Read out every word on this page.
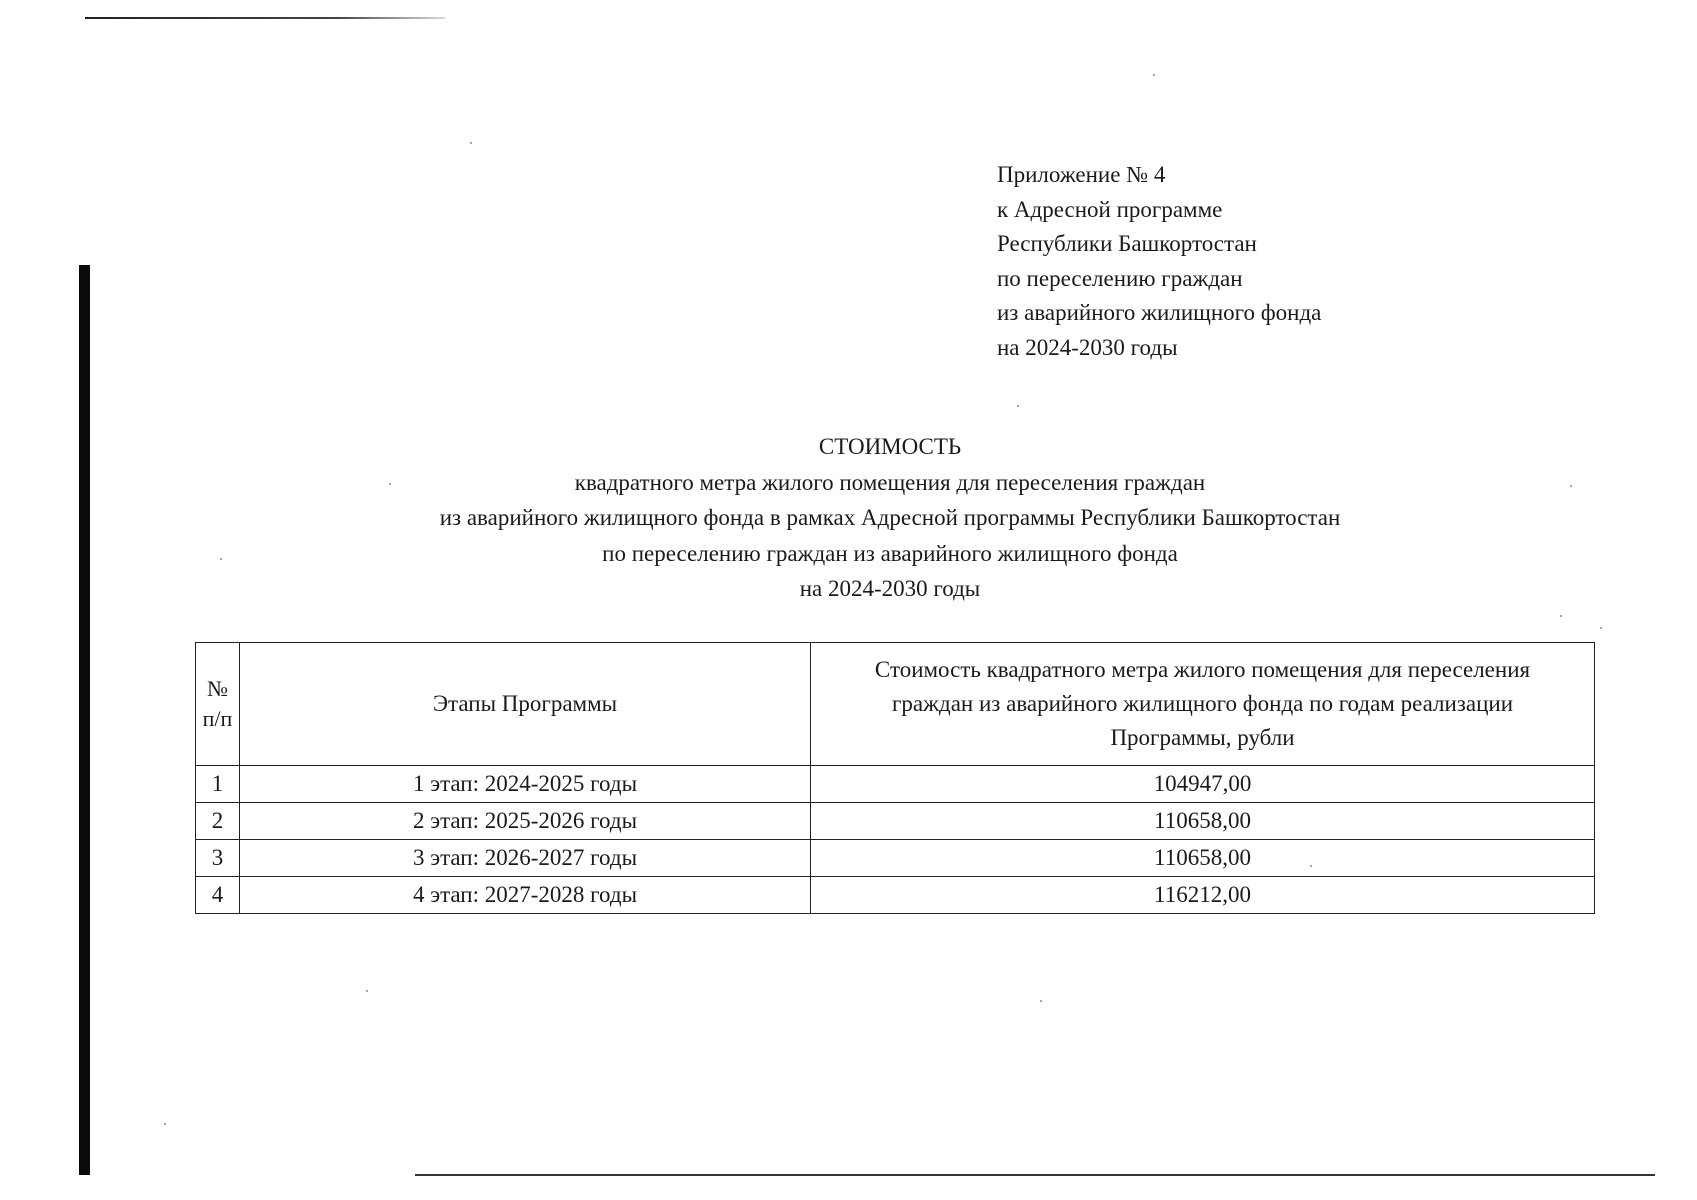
Приложение № 4
к Адресной программе
Республики Башкортостан
по переселению граждан
из аварийного жилищного фонда
на 2024-2030 годы
СТОИМОСТЬ
квадратного метра жилого помещения для переселения граждан
из аварийного жилищного фонда в рамках Адресной программы Республики Башкортостан
по переселению граждан из аварийного жилищного фонда
на 2024-2030 годы
№
п/п	Этапы Программы	Стоимость квадратного метра жилого помещения для переселения
граждан из аварийного жилищного фонда по годам реализации
Программы, рубли
1	1 этап: 2024-2025 годы	104947,00
2	2 этап: 2025-2026 годы	110658,00
3	3 этап: 2026-2027 годы	110658,00
4	4 этап: 2027-2028 годы	116212,00
